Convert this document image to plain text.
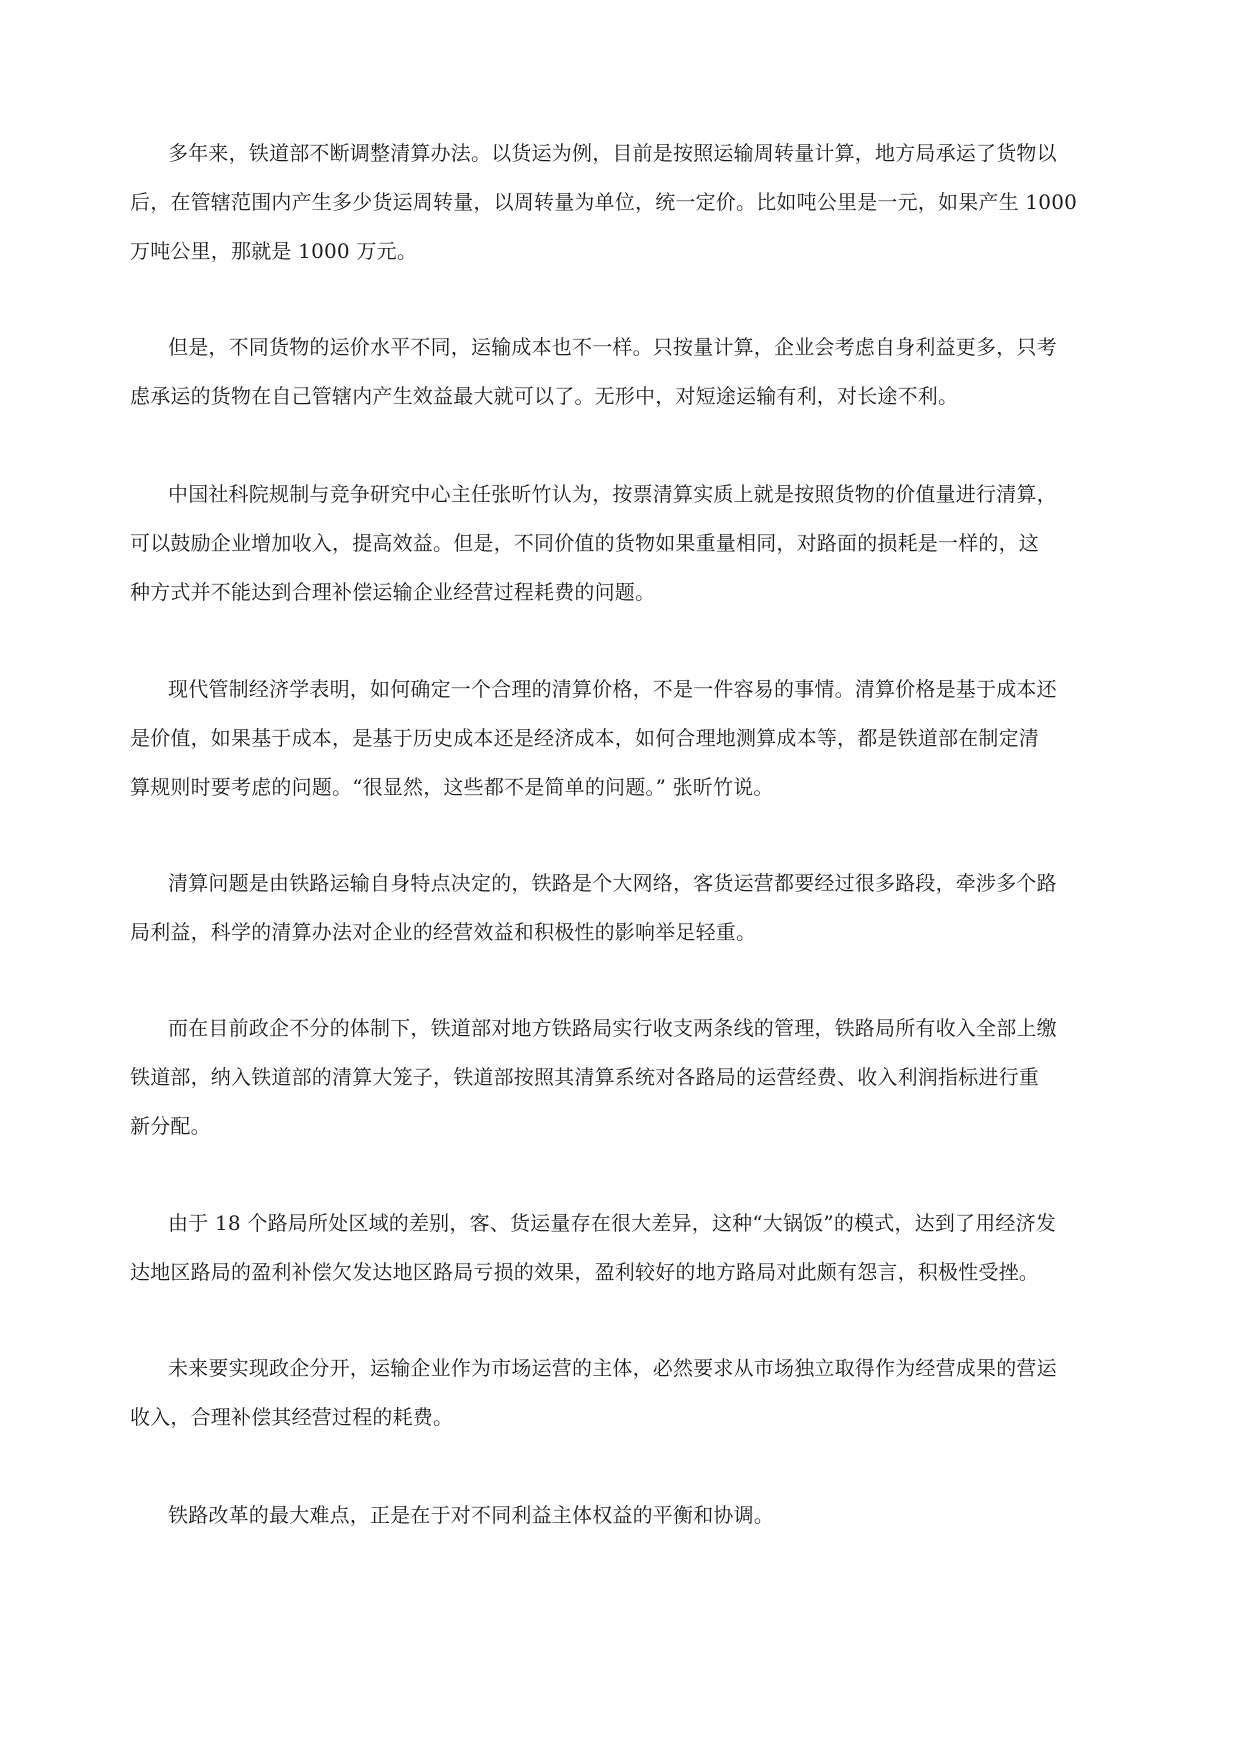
多年来，铁道部不断调整清算办法。以货运为例，目前是按照运输周转量计算，地方局承运了货物以
后，在管辖范围内产生多少货运周转量，以周转量为单位，统一定价。比如吨公里是一元，如果产生 1000
万吨公里，那就是 1000 万元。
但是，不同货物的运价水平不同，运输成本也不一样。只按量计算，企业会考虑自身利益更多，只考
虑承运的货物在自己管辖内产生效益最大就可以了。无形中，对短途运输有利，对长途不利。
中国社科院规制与竞争研究中心主任张昕竹认为，按票清算实质上就是按照货物的价值量进行清算，
可以鼓励企业增加收入，提高效益。但是，不同价值的货物如果重量相同，对路面的损耗是一样的，这
种方式并不能达到合理补偿运输企业经营过程耗费的问题。
现代管制经济学表明，如何确定一个合理的清算价格，不是一件容易的事情。清算价格是基于成本还
是价值，如果基于成本，是基于历史成本还是经济成本，如何合理地测算成本等，都是铁道部在制定清
算规则时要考虑的问题。“很显然，这些都不是简单的问题。” 张昕竹说。
清算问题是由铁路运输自身特点决定的，铁路是个大网络，客货运营都要经过很多路段，牵涉多个路
局利益，科学的清算办法对企业的经营效益和积极性的影响举足轻重。
而在目前政企不分的体制下，铁道部对地方铁路局实行收支两条线的管理，铁路局所有收入全部上缴
铁道部，纳入铁道部的清算大笼子，铁道部按照其清算系统对各路局的运营经费、收入利润指标进行重
新分配。
由于 18 个路局所处区域的差别，客、货运量存在很大差异，这种“大锅饭”的模式，达到了用经济发
达地区路局的盈利补偿欠发达地区路局亏损的效果，盈利较好的地方路局对此颇有怨言，积极性受挫。
未来要实现政企分开，运输企业作为市场运营的主体，必然要求从市场独立取得作为经营成果的营运
收入，合理补偿其经营过程的耗费。
铁路改革的最大难点，正是在于对不同利益主体权益的平衡和协调。
